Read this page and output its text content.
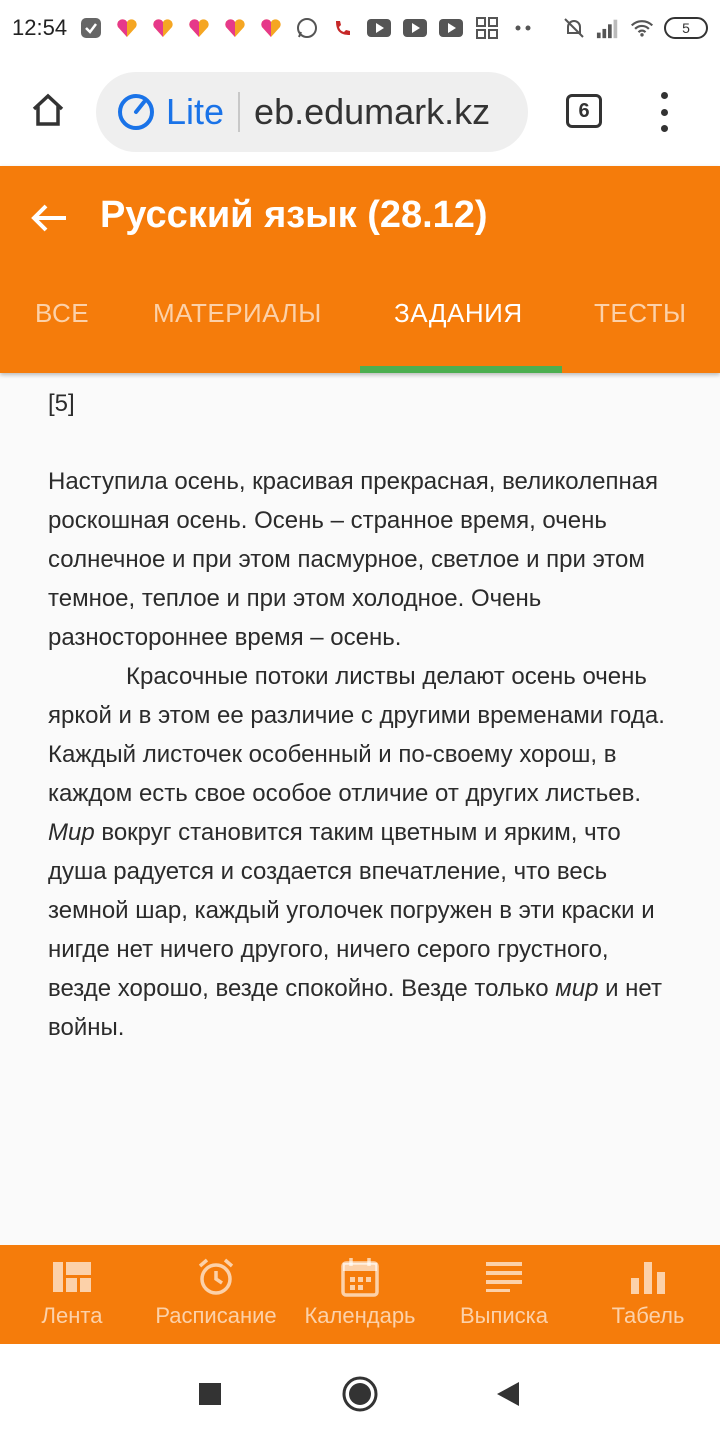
12:54	5
Lite eb.edumark.kz	6
Русский язык (28.12)
ВСЕ МАТЕРИАЛЫ	ЗАДАНИЯ	ТЕСТЫ

[5]

Наступила осень, красивая прекрасная, великолепная роскошная осень. Осень – странное время, очень солнечное и при этом пасмурное, светлое и при этом темное, теплое и при этом холодное. Очень разностороннее время – осень.

Красочные потоки листвы делают осень очень яркой и в этом ее различие с другими временами года. Каждый листочек особенный и по-своему хорош, в каждом есть свое особое отличие от других листьев. Мир вокруг становится таким цветным и ярким, что душа радуется и создается впечатление, что весь земной шар, каждый уголочек погружен в эти краски и нигде нет ничего другого, ничего серого грустного, везде хорошо, везде спокойно. Везде только мир и нет войны.

Лента Расписание Календарь Выписка	Табель
